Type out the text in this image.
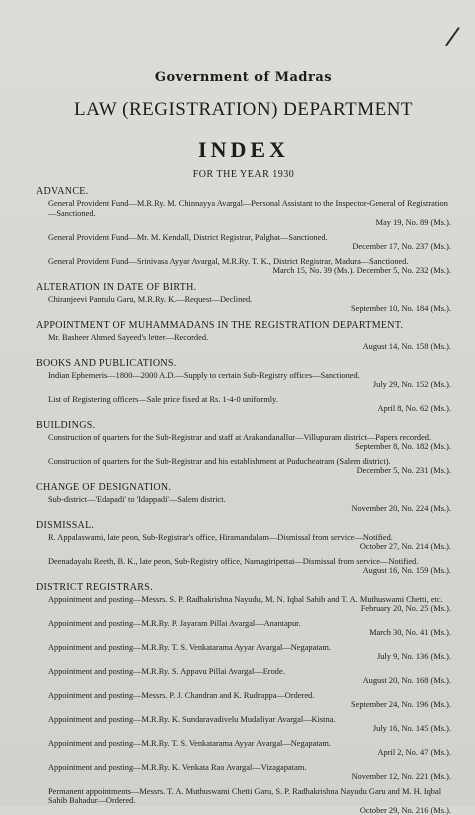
/
Government of Madras
LAW (REGISTRATION) DEPARTMENT
INDEX
FOR THE YEAR 1930
ADVANCE.
General Provident Fund—M.R.Ry. M. Chinnayya Avargal—Personal Assistant to the Inspector-General of Registration—Sanctioned.
May 19, No. 89 (Ms.).
General Provident Fund—Mr. M. Kendall, District Registrar, Palghat—Sanctioned.
December 17, No. 237 (Ms.).
General Provident Fund—Srinivasa Ayyar Avargal, M.R.Ry. T. K., District Registrar, Madura—Sanctioned.
March 15, No. 39 (Ms.). December 5, No. 232 (Ms.).
ALTERATION IN DATE OF BIRTH.
Chiranjeevi Pantulu Garu, M.R.Ry. K.—Request—Declined.
September 10, No. 184 (Ms.).
APPOINTMENT OF MUHAMMADANS IN THE REGISTRATION DEPARTMENT.
Mr. Basheer Ahmed Sayeed's letter—Recorded.
August 14, No. 158 (Ms.).
BOOKS AND PUBLICATIONS.
Indian Ephemeris—1800—2000 A.D.—Supply to certain Sub-Registry offices—Sanctioned.
July 29, No. 152 (Ms.).
List of Registering officers—Sale price fixed at Rs. 1-4-0 uniformly.
April 8, No. 62 (Ms.).
BUILDINGS.
Construction of quarters for the Sub-Registrar and staff at Arakandanallur—Villupuram district—Papers recorded.
September 8, No. 182 (Ms.).
Construction of quarters for the Sub-Registrar and his establishment at Puducheatram (Salem district).
December 5, No. 231 (Ms.).
CHANGE OF DESIGNATION.
Sub-district—'Edapadi' to 'Idappadi'—Salem district.
November 20, No. 224 (Ms.).
DISMISSAL.
R. Appalaswami, late peon, Sub-Registrar's office, Hiramandalam—Dismissal from service—Notified.
October 27, No. 214 (Ms.).
Deenadayalu Reeth, B. K., late peon, Sub-Registry office, Namagiripettai—Dismissal from service—Notified.
August 16, No. 159 (Ms.).
DISTRICT REGISTRARS.
Appointment and posting—Messrs. S. P. Radhakrishna Nayudu, M. N. Iqbal Sahib and T. A. Muthuswami Chetti, etc.
February 20, No. 25 (Ms.).
Appointment and posting—M.R.Ry. P. Jayaram Pillai Avargal—Anantapur.
March 30, No. 41 (Ms.).
Appointment and posting—M.R.Ry. T. S. Venkatarama Ayyar Avargal—Negapatam.
July 9, No. 136 (Ms.).
Appointment and posting—M.R.Ry. S. Appavu Pillai Avargal—Erode.
August 20, No. 168 (Ms.).
Appointment and posting—Messrs. P. J. Chandran and K. Rudrappa—Ordered.
September 24, No. 196 (Ms.).
Appointment and posting—M.R.Ry. K. Sundaravadivelu Mudaliyar Avargal—Kistna.
July 16, No. 145 (Ms.).
Appointment and posting—M.R.Ry. T. S. Venkatarama Ayyar Avargal—Negapatam.
April 2, No. 47 (Ms.).
Appointment and posting—M.R.Ry. K. Venkata Rao Avargal—Vizagapatam.
November 12, No. 221 (Ms.).
Permanent appointments—Messrs. T. A. Muthuswami Chetti Garu, S. P. Radhakrishna Nayudu Garu and M. H. Iqbal Sahib Bahadur—Ordered.
October 29, No. 216 (Ms.).
